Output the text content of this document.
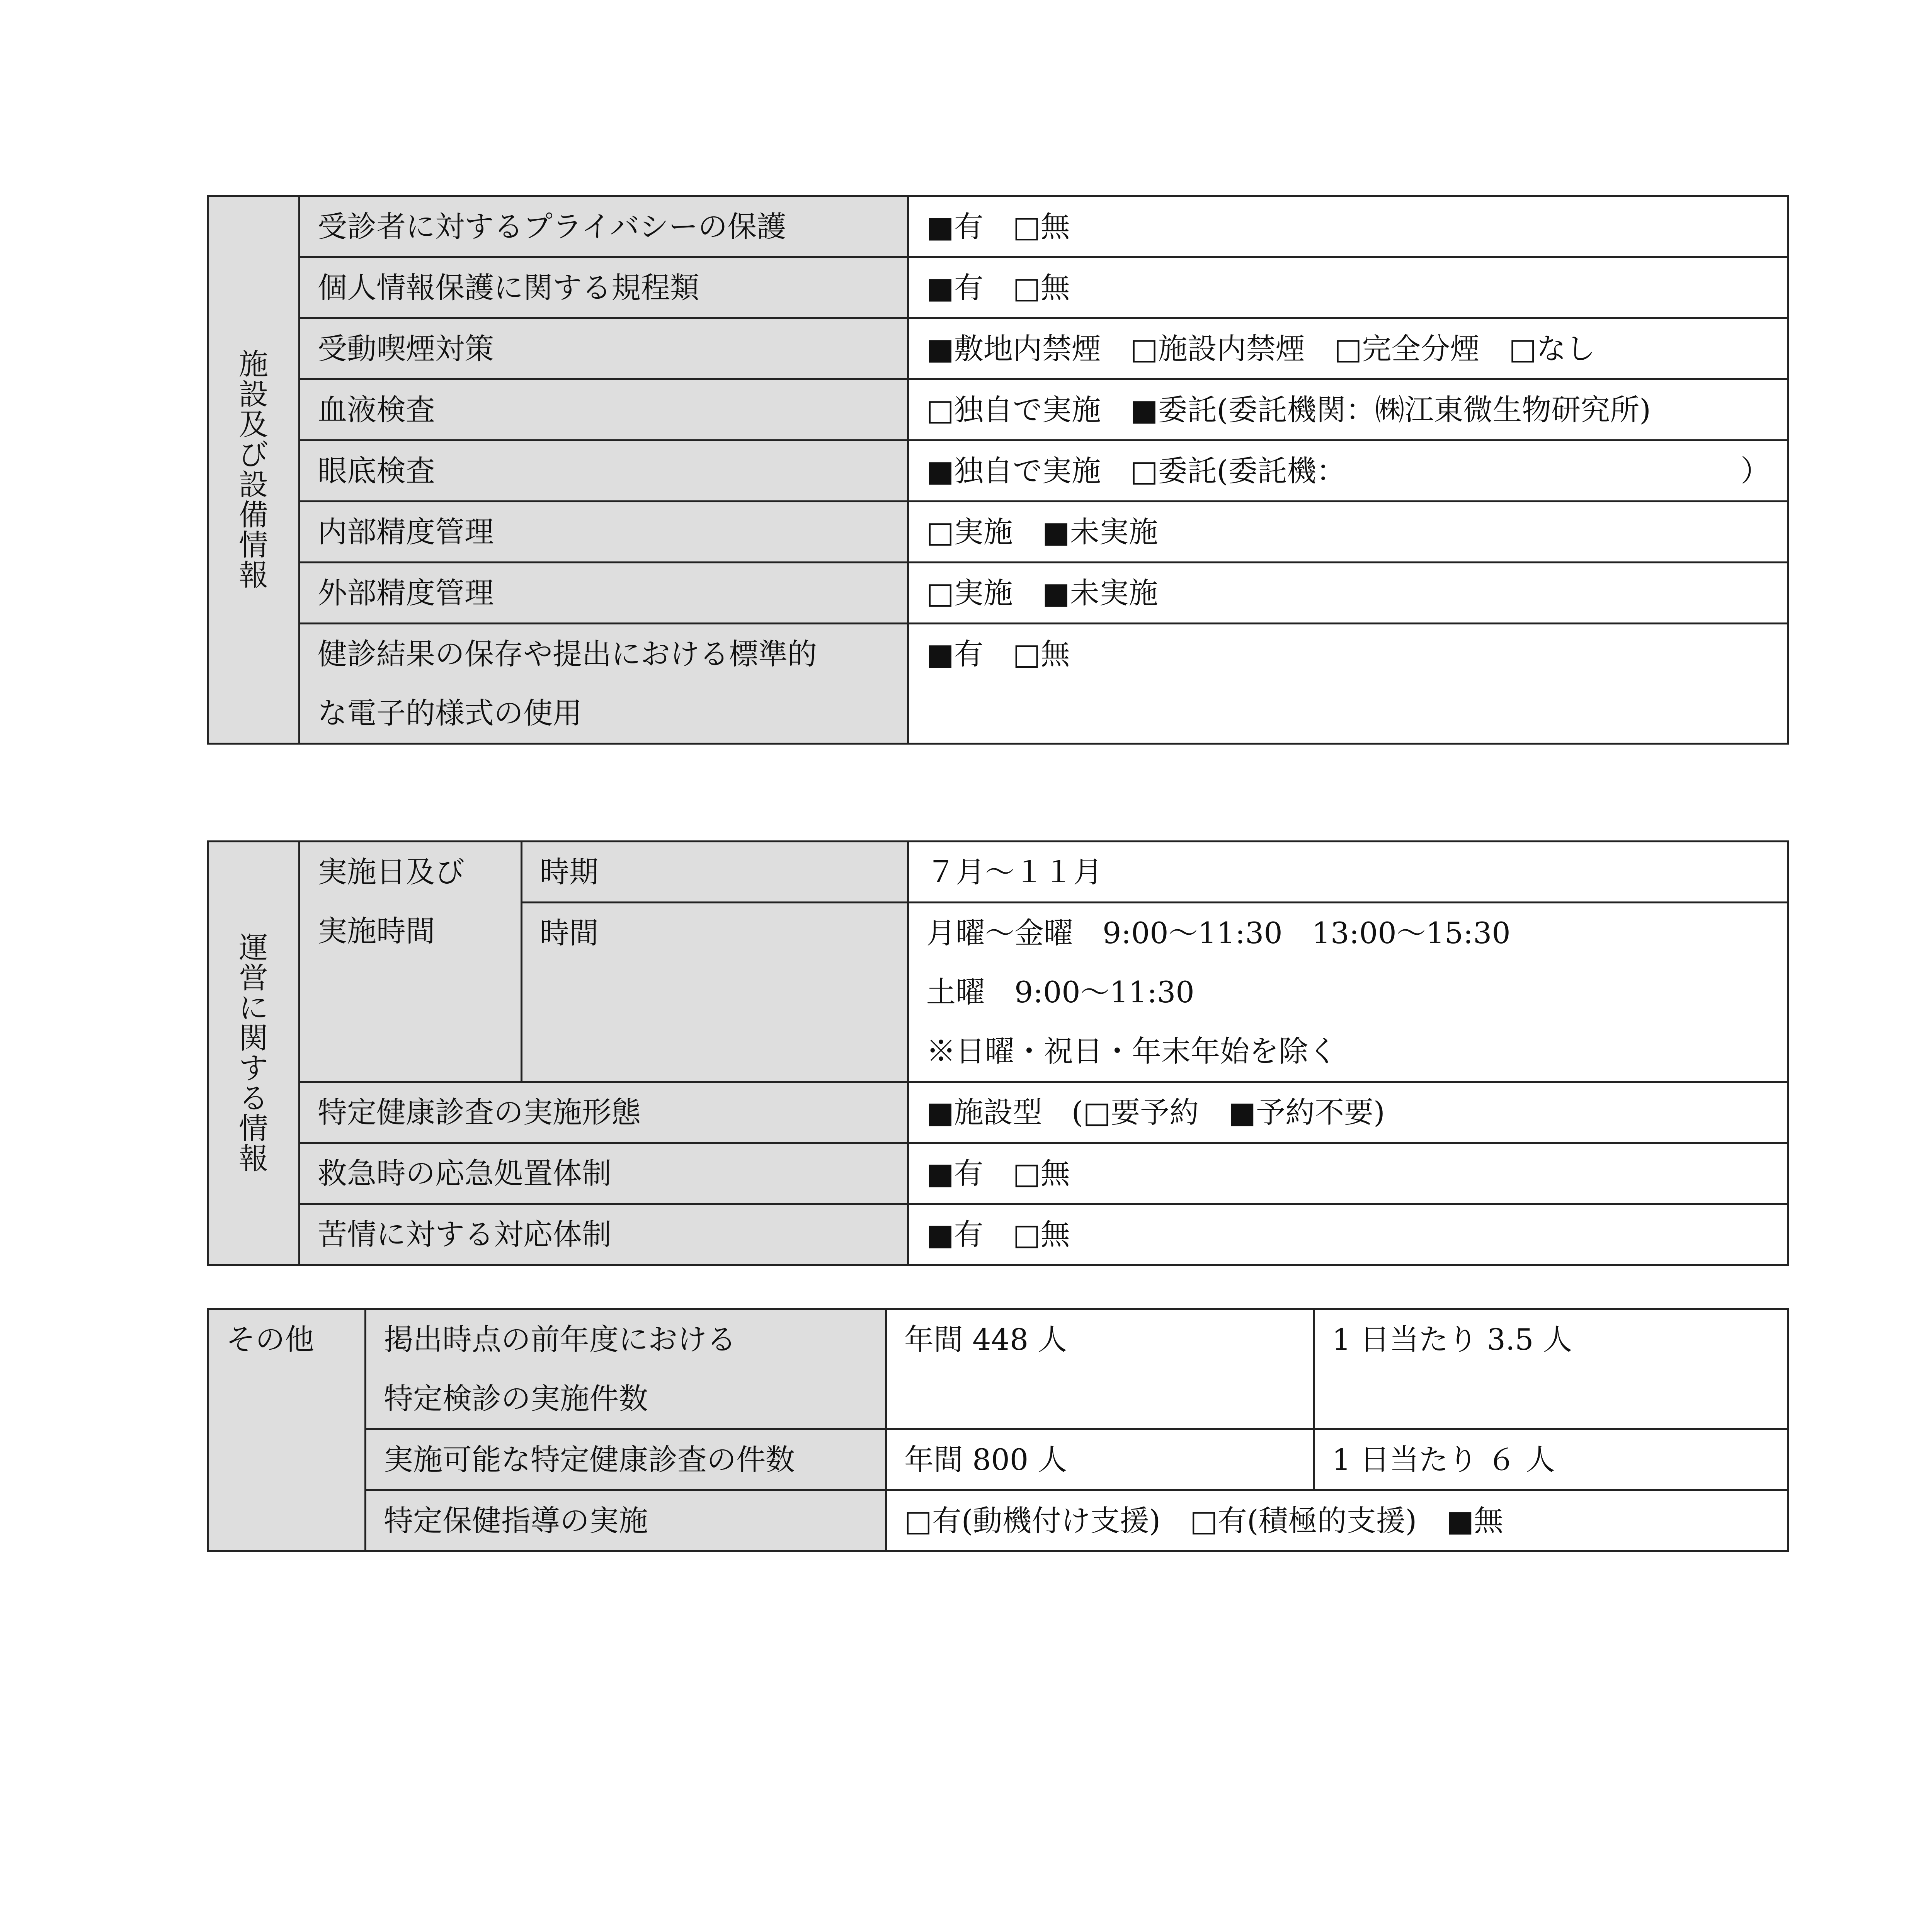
施設及び設備情報	受診者に対するプライバシーの保護	■有　□無
	個人情報保護に関する規程類	■有　□無
	受動喫煙対策	■敷地内禁煙　□施設内禁煙　□完全分煙　□なし
	血液検査	□独自で実施　■委託(委託機関：㈱江東微生物研究所)
	眼底検査	■独自で実施　□委託(委託機： ）

	内部精度管理	□実施　■未実施
	外部精度管理	□実施　■未実施

	健診結果の保存や提出における標準的
な電子的様式の使用	■有　□無
運営に関する情報	実施日及び
実施時間	時期	７月～１１月
		時間	月曜～金曜　9:00～11:30　13:00～15:30
土曜　9:00～11:30
※日曜・祝日・年末年始を除く

	特定健康診査の実施形態		■施設型　(□要予約　■予約不要)
	救急時の応急処置体制		■有　□無
	苦情に対する対応体制		■有　□無
その他	掲出時点の前年度における
特定検診の実施件数	年間 448 人	1 日当たり 3.5 人
	実施可能な特定健康診査の件数	年間 800 人	1 日当たり ６ 人
	特定保健指導の実施	□有(動機付け支援)　□有(積極的支援)　■無	
